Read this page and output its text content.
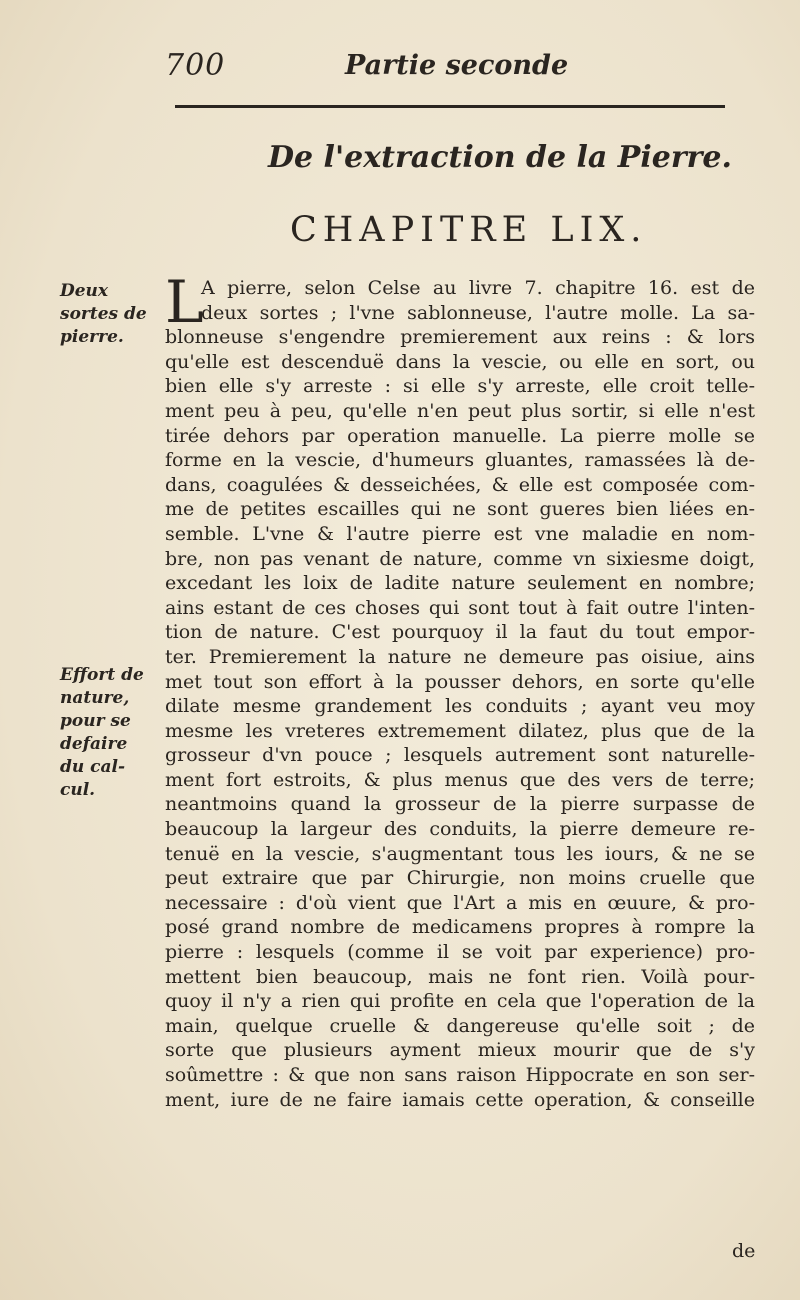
700	Partie seconde
De l'extraction de la Pierre.
CHAPITRE LIX.
Deux
sortes de
pierre.
Effort de
nature,
pour se
defaire
du cal-
cul.
L
A pierre, selon Celse au livre 7. chapitre 16. est de
deux sortes ; l'vne sablonneuse, l'autre molle. La sa-
blonneuse s'engendre premierement aux reins : & lors
qu'elle est descenduë dans la vescie, ou elle en sort, ou
bien elle s'y arreste : si elle s'y arreste, elle croit telle-
ment peu à peu, qu'elle n'en peut plus sortir, si elle n'est
tirée dehors par operation manuelle. La pierre molle se
forme en la vescie, d'humeurs gluantes, ramassées là de-
dans, coagulées & desseichées, & elle est composée com-
me de petites escailles qui ne sont gueres bien liées en-
semble. L'vne & l'autre pierre est vne maladie en nom-
bre, non pas venant de nature, comme vn sixiesme doigt,
excedant les loix de ladite nature seulement en nombre;
ains estant de ces choses qui sont tout à fait outre l'inten-
tion de nature. C'est pourquoy il la faut du tout empor-
ter. Premierement la nature ne demeure pas oisiue, ains
met tout son effort à la pousser dehors, en sorte qu'elle
dilate mesme grandement les conduits ; ayant veu moy
mesme les vreteres extremement dilatez, plus que de la
grosseur d'vn pouce ; lesquels autrement sont naturelle-
ment fort estroits, & plus menus que des vers de terre;
neantmoins quand la grosseur de la pierre surpasse de
beaucoup la largeur des conduits, la pierre demeure re-
tenuë en la vescie, s'augmentant tous les iours, & ne se
peut extraire que par Chirurgie, non moins cruelle que
necessaire : d'où vient que l'Art a mis en œuure, & pro-
posé grand nombre de medicamens propres à rompre la
pierre : lesquels (comme il se voit par experience) pro-
mettent bien beaucoup, mais ne font rien. Voilà pour-
quoy il n'y a rien qui profite en cela que l'operation de la
main, quelque cruelle & dangereuse qu'elle soit ; de
sorte que plusieurs ayment mieux mourir que de s'y
soûmettre : & que non sans raison Hippocrate en son ser-
ment, iure de ne faire iamais cette operation, & conseille
de
